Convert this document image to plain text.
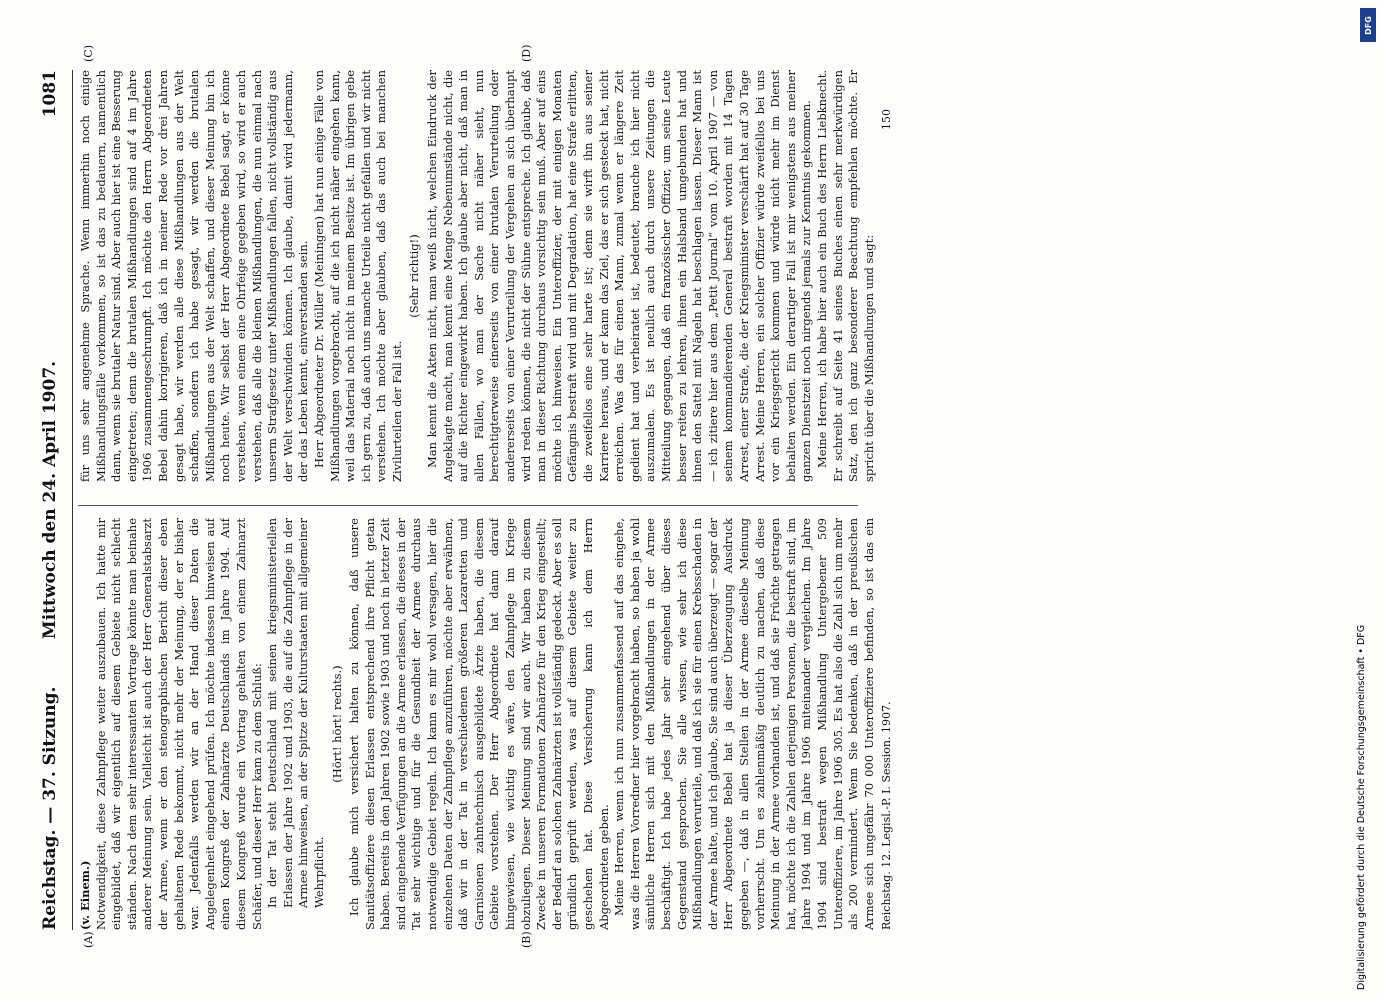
Reichstag. — 37. Sitzung.
Mittwoch den 24. April 1907.
1081
(A)	(B)
(C)	(D)

(v. Einem.) Notwendigkeit, diese Zahnpflege weiter auszubauen. Ich hatte mir eingebildet, daß wir eigentlich auf diesem Gebiete nicht schlecht ständen. Nach dem sehr interessanten Vortrage könnte man beinahe anderer Meinung sein. Vielleicht ist auch der Herr Generalstabsarzt der Armee, wenn er den stenographischen Bericht dieser eben gehaltenen Rede bekommt, nicht mehr der Meinung, der er bisher war. Jedenfalls werden wir an der Hand dieser Daten die Angelegenheit eingehend prüfen. Ich möchte indessen hinweisen auf einen Kongreß der Zahnärzte Deutschlands im Jahre 1904. Auf diesem Kongreß wurde ein Vortrag gehalten von einem Zahnarzt Schäfer, und dieser Herr kam zu dem Schluß: In der Tat steht Deutschland mit seinen kriegsministeriellen Erlassen der Jahre 1902 und 1903, die auf die Zahnpflege in der Armee hinweisen, an der Spitze der Kulturstaaten mit allgemeiner Wehrpflicht.

(Hört! hört! rechts.) Ich glaube mich versichert halten zu können, daß unsere Sanitätsoffiziere diesen Erlassen entsprechend ihre Pflicht getan haben. Bereits in den Jahren 1902 sowie 1903 und noch in letzter Zeit sind eingehende Verfügungen an die Armee erlassen, die dieses in der Tat sehr wichtige und für die Gesundheit der Armee durchaus notwendige Gebiet regeln. Ich kann es mir wohl versagen, hier die einzelnen Daten der Zahnpflege anzuführen, möchte aber erwähnen, daß wir in der Tat in verschiedenen größeren Lazaretten und Garnisonen zahntechnisch ausgebildete Ärzte haben, die diesem Gebiete vorstehen. Der Herr Abgeordnete hat dann darauf hingewiesen, wie wichtig es wäre, den Zahnpflege im Kriege obzuliegen. Dieser Meinung sind wir auch. Wir haben zu diesem Zwecke in unseren Formationen Zahnärzte für den Krieg eingestellt; der Bedarf an solchen Zahnärzten ist vollständig gedeckt. Aber es soll gründlich geprüft werden, was auf diesem Gebiete weiter zu geschehen hat. Diese Versicherung kann ich dem Herrn Abgeordneten geben. Meine Herren, wenn ich nun zusammenfassend auf das eingehe, was die Herren Vorredner hier vorgebracht haben, so haben ja wohl sämtliche Herren sich mit den Mißhandlungen in der Armee beschäftigt. Ich habe jedes Jahr sehr eingehend über dieses Gegenstand gesprochen. Sie alle wissen, wie sehr ich diese Mißhandlungen verurteile, und daß ich sie für einen Krebsschaden in der Armee halte, und ich glaube, Sie sind auch überzeugt — sogar der Herr Abgeordnete Bebel hat ja dieser Überzeugung Ausdruck gegeben —, daß in allen Stellen in der Armee dieselbe Meinung vorherrscht. Um es zahlenmäßig deutlich zu machen, daß diese Meinung in der Armee vorhanden ist, und daß sie Früchte getragen hat, möchte ich die Zahlen derjenigen Personen, die bestraft sind, im Jahre 1904 und im Jahre 1906 miteinander vergleichen. Im Jahre 1904 sind bestraft wegen Mißhandlung Untergebener 509 Unteroffiziere, im Jahre 1906 305. Es hat also die Zahl sich um mehr als 200 vermindert. Wenn Sie bedenken, daß in der preußischen Armee sich ungefähr 70 000 Unteroffiziere befinden, so ist das ein

für uns sehr angenehme Sprache. Wenn immerhin noch einige Mißhandlungsfälle vorkommen, so ist das zu bedauern, namentlich dann, wenn sie brutaler Natur sind. Aber auch hier ist eine Besserung eingetreten; denn die brutalen Mißhandlungen sind auf 4 im Jahre 1906 zusammengeschrumpft. Ich möchte den Herrn Abgeordneten Bebel dahin korrigieren, daß ich in meiner Rede vor drei Jahren gesagt habe, wir werden alle diese Mißhandlungen aus der Welt schaffen, sondern ich habe gesagt, wir werden die brutalen Mißhandlungen aus der Welt schaffen, und dieser Meinung bin ich noch heute. Wir selbst der Herr Abgeordnete Bebel sagt, er könne verstehen, wenn einem eine Ohrfeige gegeben wird, so wird er auch verstehen, daß alle die kleinen Mißhandlungen, die nun einmal nach unserm Strafgesetz unter Mißhandlungen fallen, nicht vollständig aus der Welt verschwinden können. Ich glaube, damit wird jedermann, der das Leben kennt, einverstanden sein. Herr Abgeordneter Dr. Müller (Meiningen) hat nun einige Fälle von Mißhandlungen vorgebracht, auf die ich nicht näher eingehen kann, weil das Material noch nicht in meinem Besitze ist. Im übrigen gebe ich gern zu, daß auch uns manche Urteile nicht gefallen und wir nicht verstehen. Ich möchte aber glauben, daß das auch bei manchen Zivilurteilen der Fall ist.

(Sehr richtig!) Man kennt die Akten nicht, man weiß nicht, welchen Eindruck der Angeklagte macht, man kennt eine Menge Nebenumstände nicht, die auf die Richter eingewirkt haben. Ich glaube aber nicht, daß man in allen Fällen, wo man der Sache nicht näher sieht, nun berechtigterweise einerseits von einer brutalen Verurteilung oder andererseits von einer Verurteilung der Vergehen an sich überhaupt wird reden können, die nicht der Sühne entspreche. Ich glaube, daß man in dieser Richtung durchaus vorsichtig sein muß. Aber auf eins möchte ich hinweisen. Ein Unteroffizier, der mit einigen Monaten Gefängnis bestraft wird und mit Degradation, hat eine Strafe erlitten, die zweifellos eine sehr harte ist; denn sie wirft ihn aus seiner Karriere heraus, und er kann das Ziel, das er sich gesteckt hat, nicht erreichen. Was das für einen Mann, zumal wenn er längere Zeit gedient hat und verheiratet ist, bedeutet, brauche ich hier nicht auszumalen. Es ist neulich auch durch unsere Zeitungen die Mitteilung gegangen, daß ein französischer Offizier, um seine Leute besser reiten zu lehren, ihnen ein Halsband umgebunden hat und ihnen den Sattel mit Nägeln hat beschlagen lassen. Dieser Mann ist — ich zitiere hier aus dem „Petit Journal“ vom 10. April 1907 — von seinem kommandierenden General bestraft worden mit 14 Tagen Arrest, einer Strafe, die der Kriegsminister verschärft hat auf 30 Tage Arrest. Meine Herren, ein solcher Offizier würde zweifellos bei uns vor ein Kriegsgericht kommen und würde nicht mehr im Dienst behalten werden. Ein derartiger Fall ist mir wenigstens aus meiner ganzen Dienstzeit noch nirgends jemals zur Kenntnis gekommen. Meine Herren, ich habe hier auch ein Buch des Herrn Liebknecht. Er schreibt auf Seite 41 seines Buches einen sehr merkwürdigen Satz, den ich ganz besonderer Beachtung empfehlen möchte. Er spricht über die Mißhandlungen und sagt:

Reichstag. 12. Legisl.-P. I. Session. 1907.
150
Digitalisierung gefördert durch die Deutsche Forschungsgemeinschaft • DFG
DFG
